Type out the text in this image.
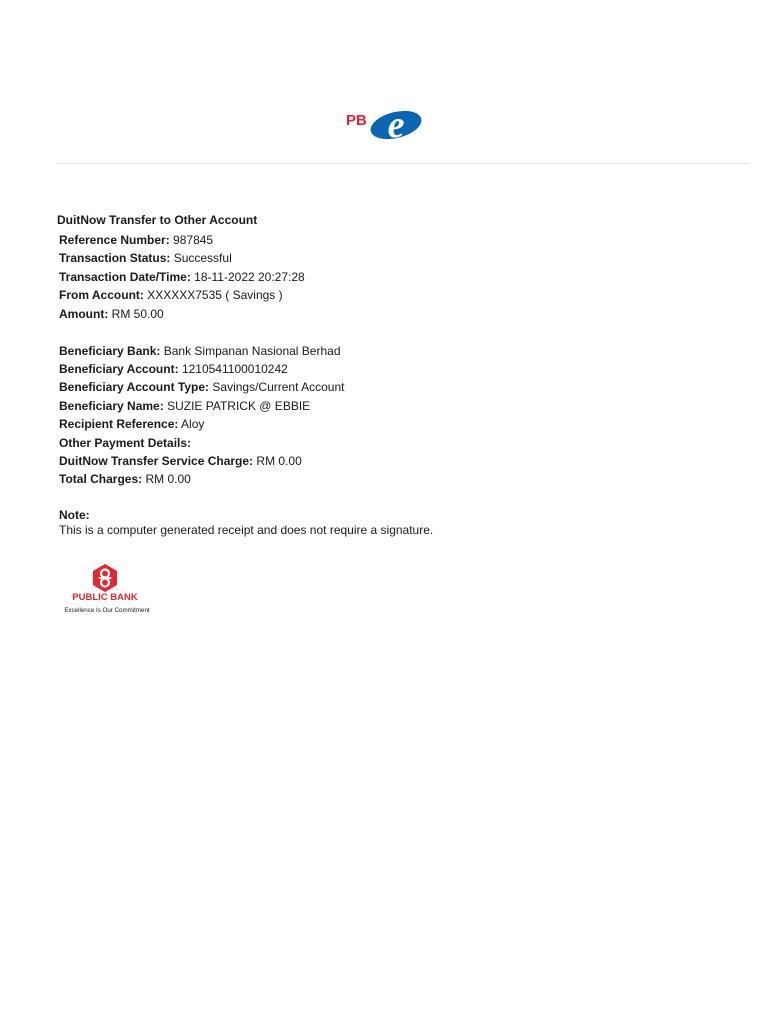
e
PB
DuitNow Transfer to Other Account
Reference Number: 987845
Transaction Status: Successful
Transaction Date/Time: 18-11-2022 20:27:28
From Account: XXXXXX7535 ( Savings )
Amount: RM 50.00
Beneficiary Bank: Bank Simpanan Nasional Berhad
Beneficiary Account: 1210541100010242
Beneficiary Account Type: Savings/Current Account
Beneficiary Name: SUZIE PATRICK @ EBBIE
Recipient Reference: Aloy
Other Payment Details:
DuitNow Transfer Service Charge: RM 0.00
Total Charges: RM 0.00
Note:
This is a computer generated receipt and does not require a signature.
PUBLIC BANK
Excellence Is Our Commitment
